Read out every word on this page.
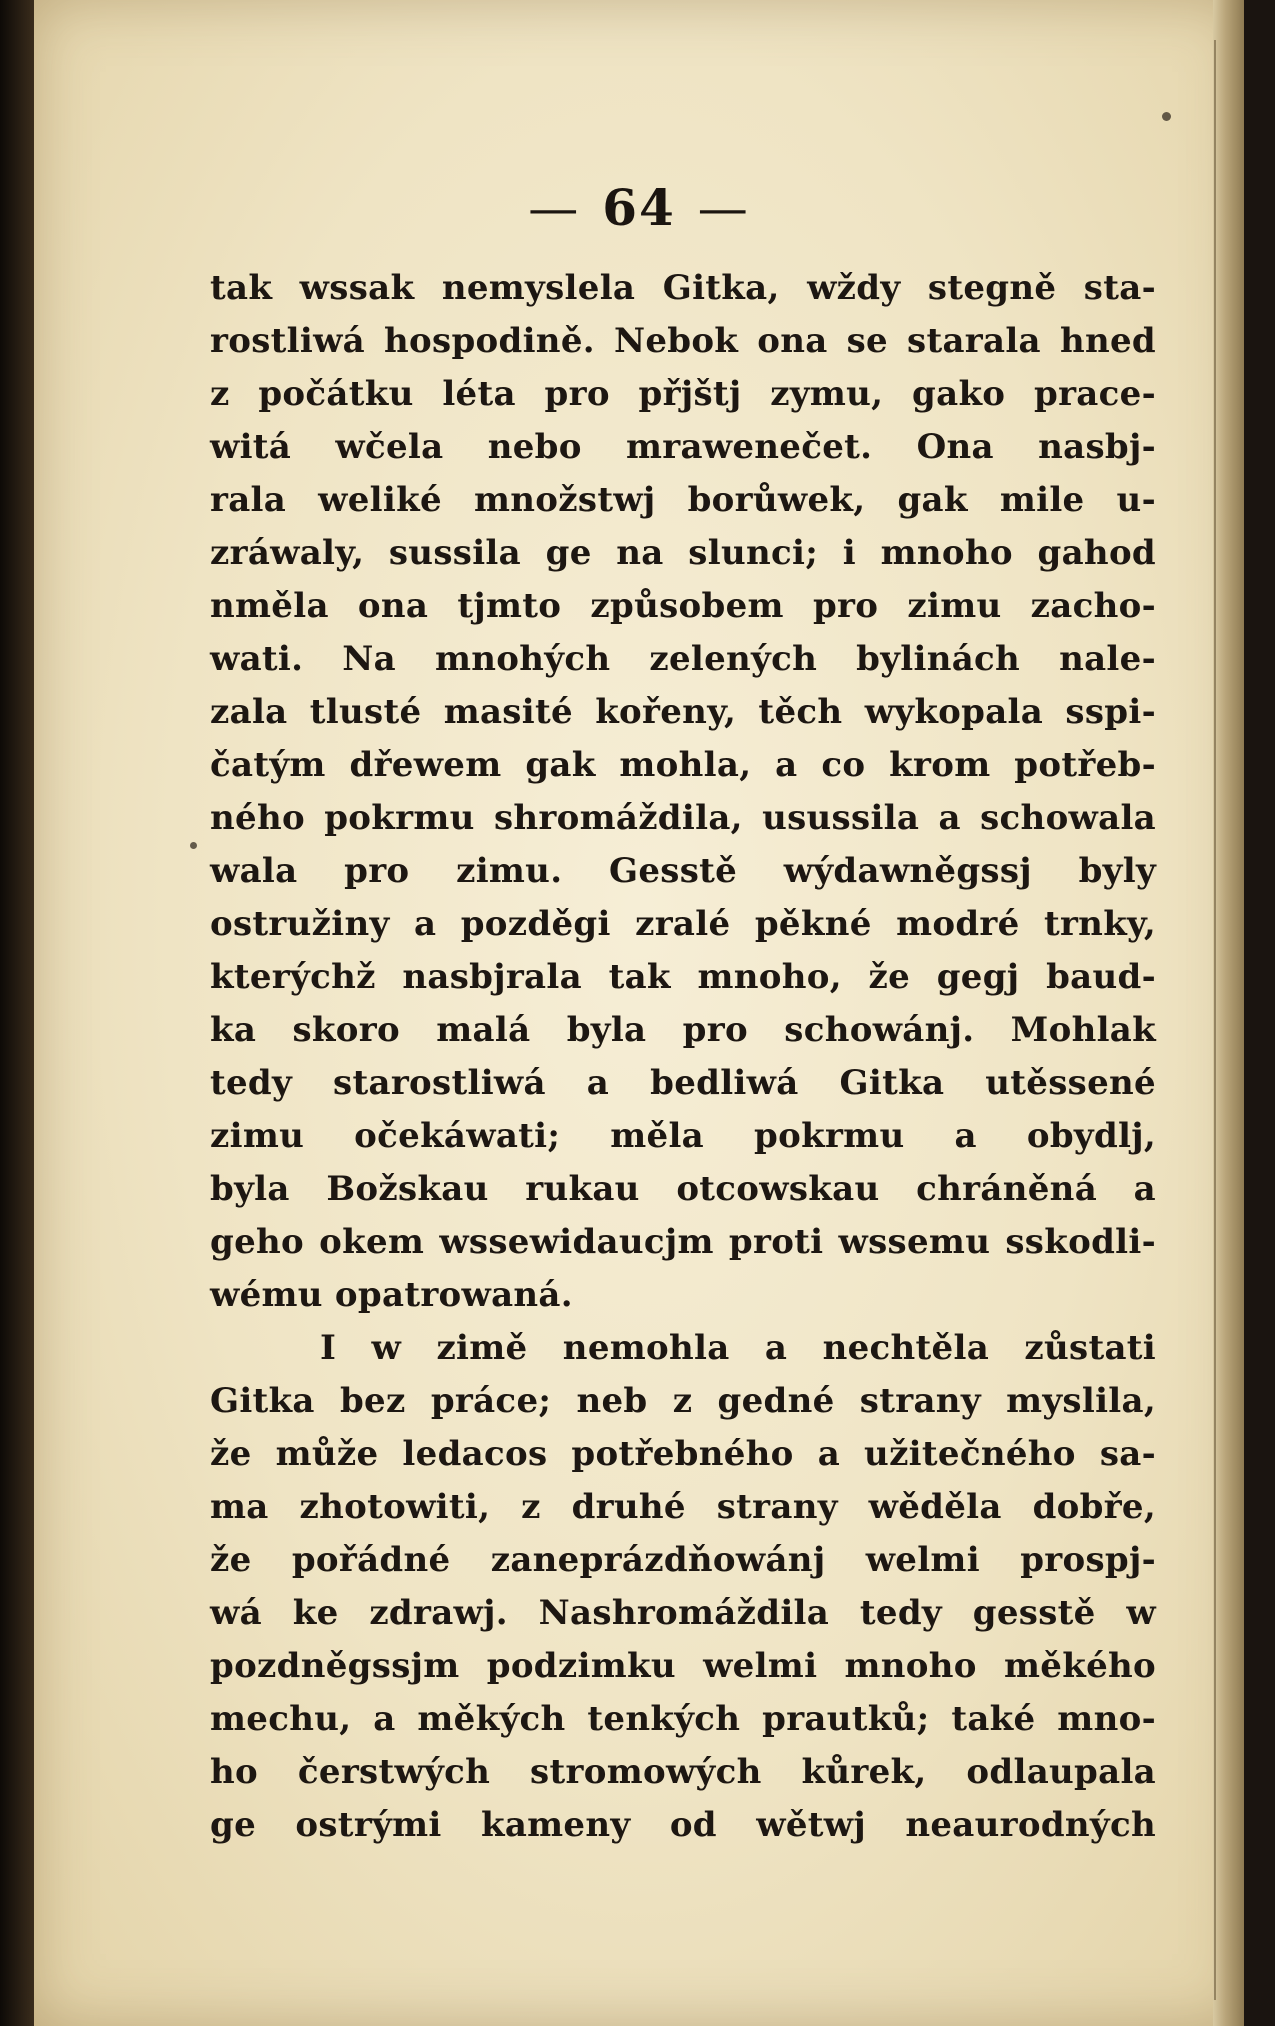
— 64 —
tak wssak nemyslela Gitka, wždy stegně sta-
rostliwá hospodině. Nebok ona se starala hned
z počátku léta pro přjštj zymu, gako prace-
witá wčela nebo mrawenečet. Ona nasbj-
rala weliké množstwj borůwek, gak mile u-
zráwaly, sussila ge na slunci; i mnoho gahod
nměla ona tjmto způsobem pro zimu zacho-
wati. Na mnohých zelených bylinách nale-
zala tlusté masité kořeny, těch wykopala sspi-
čatým dřewem gak mohla, a co krom potřeb-
ného pokrmu shromáždila, usussila a schowala
wala pro zimu. Gesstě wýdawněgssj byly
ostružiny a pozděgi zralé pěkné modré trnky,
kterýchž nasbjrala tak mnoho, že gegj baud-
ka skoro malá byla pro schowánj. Mohlak
tedy starostliwá a bedliwá Gitka utěssené
zimu očekáwati; měla pokrmu a obydlj,
byla Božskau rukau otcowskau chráněná a
geho okem wssewidaucjm proti wssemu sskodli-
wému opatrowaná.
I w zimě nemohla a nechtěla zůstati
Gitka bez práce; neb z gedné strany myslila,
že může ledacos potřebného a užitečného sa-
ma zhotowiti, z druhé strany wěděla dobře,
že pořádné zaneprázdňowánj welmi prospj-
wá ke zdrawj. Nashromáždila tedy gesstě w
pozdněgssjm podzimku welmi mnoho měkého
mechu, a měkých tenkých prautků; také mno-
ho čerstwých stromowých kůrek, odlaupala
ge ostrými kameny od wětwj neaurodných
